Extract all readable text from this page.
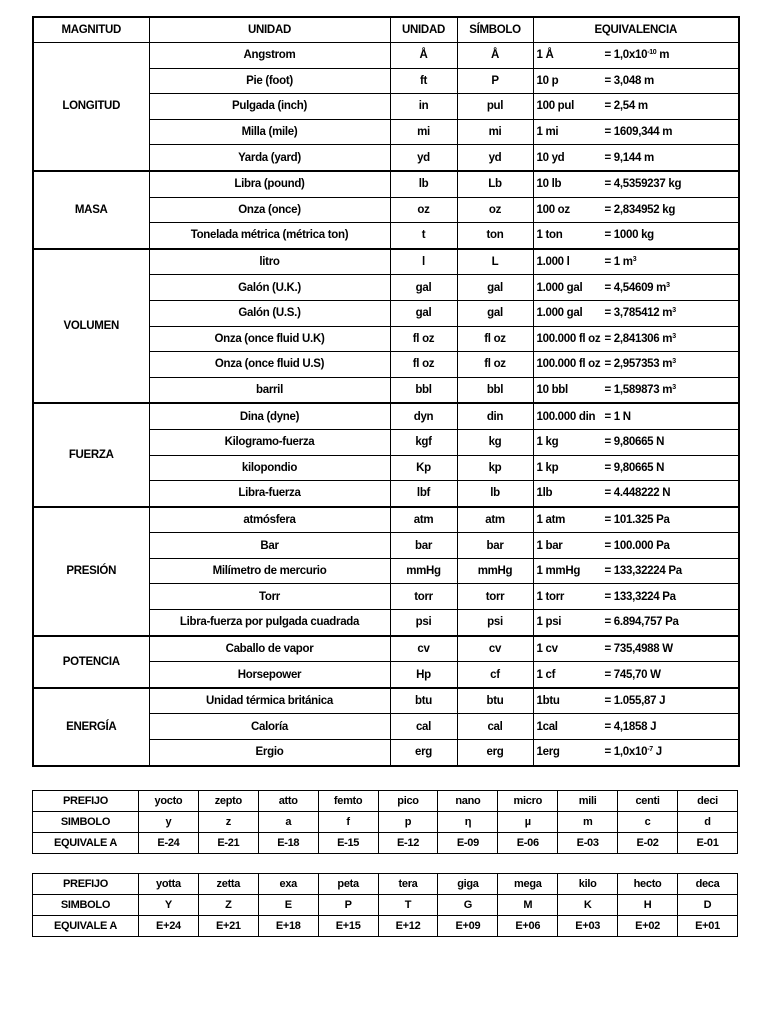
MAGNITUD	UNIDAD	UNIDAD	SÍMBOLO	EQUIVALENCIA
LONGITUD	Angstrom	Å	Å	1 Å = $1,0x10^{-10}$ m
	Pie (foot)	ft	P	10 p = 3,048 m
	Pulgada (inch)	in	pul	100 pul = 2,54 m
	Milla (mile)	mi	mi	1 mi = 1609,344 m
	Yarda (yard)	yd	yd	10 yd = 9,144 m
MASA	Libra (pound)	lb	Lb	10 lb = 4,5359237 kg
	Onza (once)	oz	oz	100 oz = 2,834952 kg
	Tonelada métrica (métrica ton)	t	ton	1 ton = 1000 kg
VOLUMEN	litro	l	L	1.000 l = 1 $m^3$
	Galón (U.K.)	gal	gal	1.000 gal = 4,54609 $m^3$
	Galón (U.S.)	gal	gal	1.000 gal = 3,785412 $m^3$
	Onza (once fluid U.K)	fl oz	fl oz	100.000 fl oz = 2,841306 $m^3$
	Onza (once fluid U.S)	fl oz	fl oz	100.000 fl oz = 2,957353 $m^3$
	barril	bbl	bbl	10 bbl = 1,589873 $m^3$
FUERZA	Dina (dyne)	dyn	din	100.000 din = 1 N
	Kilogramo-fuerza	kgf	kg	1 kg = 9,80665 N
	kilopondio	Kp	kp	1 kp = 9,80665 N
	Libra-fuerza	lbf	lb	1lb = 4.448222 N
PRESIÓN	atmósfera	atm	atm	1 atm = 101.325 Pa
	Bar	bar	bar	1 bar = 100.000 Pa
	Milímetro de mercurio	mmHg	mmHg	1 mmHg = 133,32224 Pa
	Torr	torr	torr	1 torr = 133,3224 Pa
	Libra-fuerza por pulgada cuadrada	psi	psi	1 psi = 6.894,757 Pa
POTENCIA	Caballo de vapor	cv	cv	1 cv = 735,4988 W
	Horsepower	Hp	cf	1 cf = 745,70 W
ENERGÍA	Unidad térmica británica	btu	btu	1btu = 1.055,87 J
	Caloría	cal	cal	1cal = 4,1858 J
	Ergio	erg	erg	$1erg = 1,0x10^{-7}$ J
PREFIJO	yocto	zepto	atto	femto	pico	nano	micro	mili	centi	deci
SIMBOLO	y	z	a	f	p	η	µ	m	c	d
EQUIVALE A	E-24	E-21	E-18	E-15	E-12	E-09	E-06	E-03	E-02	E-01
PREFIJO	yotta	zetta	exa	peta	tera	giga	mega	kilo	hecto	deca
SIMBOLO	Y	Z	E	P	T	G	M	K	H	D
EQUIVALE A	E+24	E+21	E+18	E+15	E+12	E+09	E+06	E+03	E+02	E+01
